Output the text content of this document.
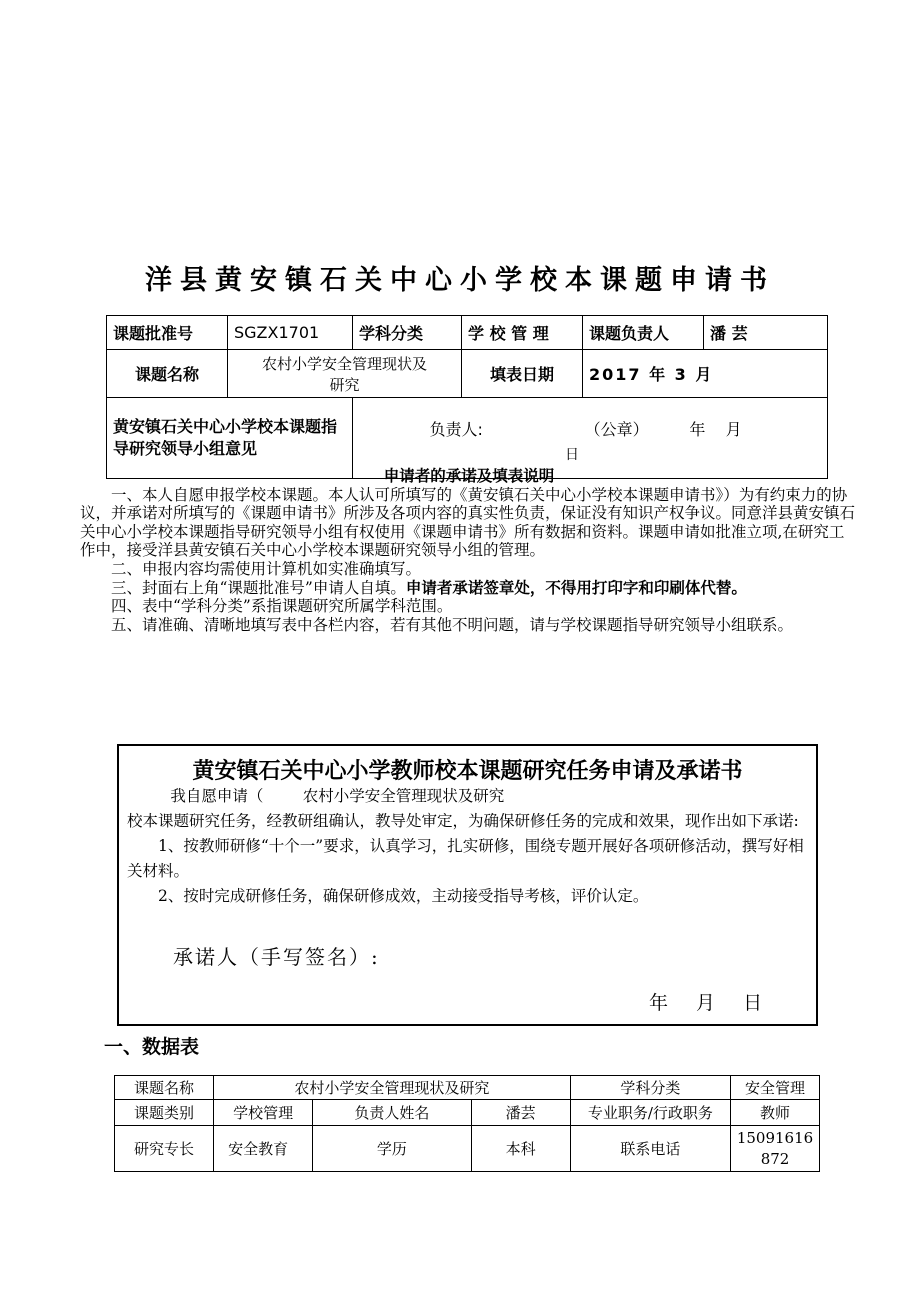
洋县黄安镇石关中心小学校本课题申请书
课题批准号	SGZX1701	学科分类	学 校 管 理	课题负责人	潘 芸
课题名称	农村小学安全管理现状及研究		填表日期	2017 年 3 月	
黄安镇石关中心小学校本课题指导研究领导小组意见		负责人:                    （公章）        年    月

日			

申请者的承诺及填表说明

一、本人自愿申报学校本课题。本人认可所填写的《黄安镇石关中心小学校本课题申请书》）为有约束力的协议，并承诺对所填写的《课题申请书》所涉及各项内容的真实性负责，保证没有知识产权争议。同意洋县黄安镇石关中心小学校本课题指导研究领导小组有权使用《课题申请书》所有数据和资料。课题申请如批准立项,在研究工作中，接受洋县黄安镇石关中心小学校本课题研究领导小组的管理。

二、申报内容均需使用计算机如实准确填写。

三、封面右上角“课题批准号”申请人自填。申请者承诺签章处，不得用打印字和印刷体代替。

四、表中“学科分类”系指课题研究所属学科范围。

五、请准确、清晰地填写表中各栏内容，若有其他不明问题，请与学校课题指导研究领导小组联系。

黄安镇石关中心小学教师校本课题研究任务申请及承诺书

我自愿申请（        农村小学安全管理现状及研究

校本课题研究任务，经教研组确认，教导处审定，为确保研修任务的完成和效果，现作出如下承诺:

1、按教师研修“十个一”要求，认真学习，扎实研修，围绕专题开展好各项研修活动，撰写好相关材料。

2、按时完成研修任务，确保研修成效，主动接受指导考核，评价认定。

承诺人（手写签名）:
年 月 日
一、数据表
课题名称	农村小学安全管理现状及研究			学科分类	安全管理
课题类别	学校管理	负责人姓名	潘芸	专业职务/行政职务	教师
研究专长	安全教育	学历	本科	联系电话	15091616872
